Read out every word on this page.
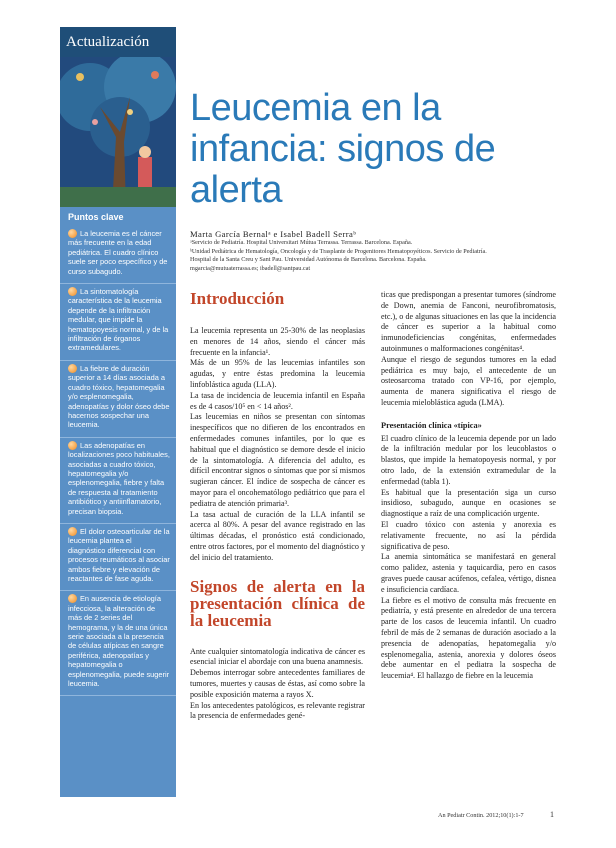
Actualización
Puntos clave
La leucemia es el cáncer más frecuente en la edad pediátrica. El cuadro clínico suele ser poco específico y de curso subagudo.
La sintomatología característica de la leucemia depende de la infiltración medular, que impide la hematopoyesis normal, y de la infiltración de órganos extramedulares.
La fiebre de duración superior a 14 días asociada a cuadro tóxico, hepatomegalia y/o esplenomegalia, adenopatías y dolor óseo debe hacernos sospechar una leucemia.
Las adenopatías en localizaciones poco habituales, asociadas a cuadro tóxico, hepatomegalia y/o esplenomegalia, fiebre y falta de respuesta al tratamiento antibiótico y antiinflamatorio, precisan biopsia.
El dolor osteoarticular de la leucemia plantea el diagnóstico diferencial con procesos reumáticos al asociar ambos fiebre y elevación de reactantes de fase aguda.
En ausencia de etiología infecciosa, la alteración de más de 2 series del hemograma, y la de una única serie asociada a la presencia de células atípicas en sangre periférica, adenopatías y hepatomegalia o esplenomegalia, puede sugerir leucemia.
Leucemia en la infancia: signos de alerta
Marta García Bernalᵃ e Isabel Badell Serraᵇ
ᵃServicio de Pediatría. Hospital Universitari Mútua Terrassa. Terrassa. Barcelona. España.
ᵇUnidad Pediátrica de Hematología, Oncología y de Trasplante de Progenitores Hematopoyéticos. Servicio de Pediatría.
Hospital de la Santa Creu y Sant Pau. Universidad Autónoma de Barcelona. Barcelona. España.
mgarcia@mutuaterrassa.es; ibadell@santpau.cat
Introducción

La leucemia representa un 25-30% de las neoplasias en menores de 14 años, siendo el cáncer más frecuente en la infancia¹.

Más de un 95% de las leucemias infantiles son agudas, y entre éstas predomina la leucemia linfoblástica aguda (LLA).

La tasa de incidencia de leucemia infantil en España es de 4 casos/10⁵ en < 14 años².

Las leucemias en niños se presentan con síntomas inespecíficos que no difieren de los encontrados en enfermedades comunes infantiles, por lo que es habitual que el diagnóstico se demore desde el inicio de la sintomatología. A diferencia del adulto, es difícil encontrar signos o síntomas que por sí mismos sugieran cáncer. El índice de sospecha de cáncer es mayor para el oncohematólogo pediátrico que para el pediatra de atención primaria³.

La tasa actual de curación de la LLA infantil se acerca al 80%. A pesar del avance registrado en las últimas décadas, el pronóstico está condicionado, entre otros factores, por el momento del diagnóstico y del inicio del tratamiento.

Signos de alerta en la presentación clínica de la leucemia

Ante cualquier sintomatología indicativa de cáncer es esencial iniciar el abordaje con una buena anamnesis.

Debemos interrogar sobre antecedentes familiares de tumores, muertes y causas de éstas, así como sobre la posible exposición materna a rayos X.

En los antecedentes patológicos, es relevante registrar la presencia de enfermedades gené-

ticas que predispongan a presentar tumores (síndrome de Down, anemia de Fanconi, neurofibromatosis, etc.), o de algunas situaciones en las que la incidencia de cáncer es superior a la habitual como inmunodeficiencias congénitas, enfermedades autoinmunes o malformaciones congénitas⁴.

Aunque el riesgo de segundos tumores en la edad pediátrica es muy bajo, el antecedente de un osteosarcoma tratado con VP-16, por ejemplo, aumenta de manera significativa el riesgo de leucemia mieloblástica aguda (LMA).

Presentación clínica «típica»

El cuadro clínico de la leucemia depende por un lado de la infiltración medular por los leucoblastos o blastos, que impide la hematopoyesis normal, y por otro lado, de la extensión extramedular de la enfermedad (tabla 1).

Es habitual que la presentación siga un curso insidioso, subagudo, aunque en ocasiones se diagnostique a raíz de una complicación urgente.

El cuadro tóxico con astenia y anorexia es relativamente frecuente, no así la pérdida significativa de peso.

La anemia sintomática se manifestará en general como palidez, astenia y taquicardia, pero en casos graves puede causar acúfenos, cefalea, vértigo, disnea e insuficiencia cardíaca.

La fiebre es el motivo de consulta más frecuente en pediatría, y está presente en alrededor de una tercera parte de los casos de leucemia infantil. Un cuadro febril de más de 2 semanas de duración asociado a la presencia de adenopatías, hepatomegalia y/o esplenomegalia, astenia, anorexia y dolores óseos debe aumentar en el pediatra la sospecha de leucemia⁴. El hallazgo de fiebre en la leucemia

An Pediatr Contin. 2012;10(1):1-7	1
